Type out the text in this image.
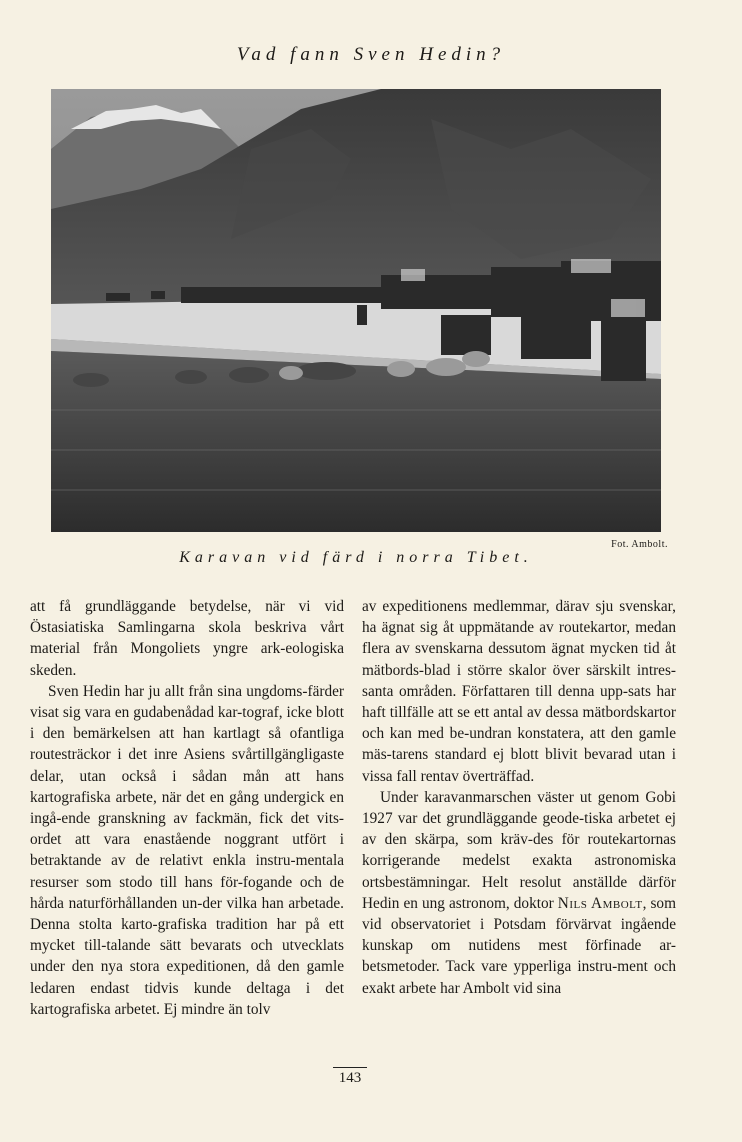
Vad fann Sven Hedin?
Fot. Ambolt.
Karavan vid färd i norra Tibet.

att få grundläggande betydelse, när vi vid Östasiatiska Samlingarna skola beskriva vårt material från Mongoliets yngre ark-eologiska skeden.

Sven Hedin har ju allt från sina ungdoms-färder visat sig vara en gudabenådad kar-tograf, icke blott i den bemärkelsen att han kartlagt så ofantliga routesträckor i det inre Asiens svårtillgängligaste delar, utan också i sådan mån att hans kartografiska arbete, när det en gång undergick en ingå-ende granskning av fackmän, fick det vits-ordet att vara enastående noggrant utfört i betraktande av de relativt enkla instru-mentala resurser som stodo till hans för-fogande och de hårda naturförhållanden un-der vilka han arbetade. Denna stolta karto-grafiska tradition har på ett mycket till-talande sätt bevarats och utvecklats under den nya stora expeditionen, då den gamle ledaren endast tidvis kunde deltaga i det kartografiska arbetet. Ej mindre än tolv

av expeditionens medlemmar, därav sju svenskar, ha ägnat sig åt uppmätande av routekartor, medan flera av svenskarna dessutom ägnat mycken tid åt mätbords-blad i större skalor över särskilt intres-santa områden. Författaren till denna upp-sats har haft tillfälle att se ett antal av dessa mätbordskartor och kan med be-undran konstatera, att den gamle mäs-tarens standard ej blott blivit bevarad utan i vissa fall rentav överträffad.

Under karavanmarschen väster ut genom Gobi 1927 var det grundläggande geode-tiska arbetet ej av den skärpa, som kräv-des för routekartornas korrigerande medelst exakta astronomiska ortsbestämningar. Helt resolut anställde därför Hedin en ung astronom, doktor Nils Ambolt, som vid observatoriet i Potsdam förvärvat ingående kunskap om nutidens mest förfinade ar-betsmetoder. Tack vare ypperliga instru-ment och exakt arbete har Ambolt vid sina

143
